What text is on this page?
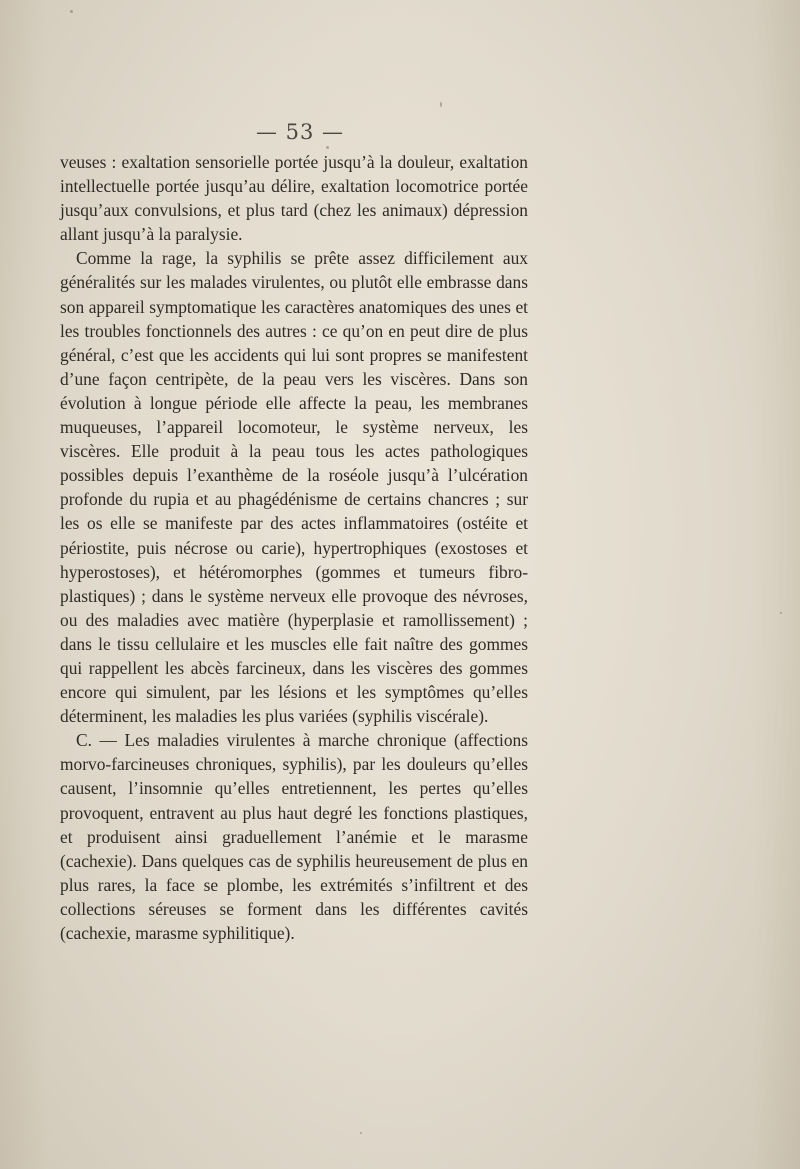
— 53 —

veuses : exaltation sensorielle portée jusqu’à la douleur, exaltation intellectuelle portée jusqu’au délire, exaltation locomotrice portée jusqu’aux convulsions, et plus tard (chez les animaux) dépression allant jusqu’à la paralysie.

Comme la rage, la syphilis se prête assez difficilement aux généralités sur les malades virulentes, ou plutôt elle embrasse dans son appareil symptomatique les caractères anatomiques des unes et les troubles fonctionnels des autres : ce qu’on en peut dire de plus général, c’est que les accidents qui lui sont propres se manifestent d’une façon centripète, de la peau vers les viscères. Dans son évolution à longue période elle affecte la peau, les membranes muqueuses, l’appareil locomoteur, le système nerveux, les viscères. Elle produit à la peau tous les actes pathologiques possibles depuis l’exanthème de la roséole jusqu’à l’ulcération profonde du rupia et au phagédénisme de certains chancres ; sur les os elle se manifeste par des actes inflammatoires (ostéite et périostite, puis nécrose ou carie), hypertrophiques (exostoses et hyperostoses), et hétéromorphes (gommes et tumeurs fibro-plastiques) ; dans le système nerveux elle provoque des névroses, ou des maladies avec matière (hyperplasie et ramollissement) ; dans le tissu cellulaire et les muscles elle fait naître des gommes qui rappellent les abcès farcineux, dans les viscères des gommes encore qui simulent, par les lésions et les symptômes qu’elles déterminent, les maladies les plus variées (syphilis viscérale).

C. — Les maladies virulentes à marche chronique (affections morvo-farcineuses chroniques, syphilis), par les douleurs qu’elles causent, l’insomnie qu’elles entretiennent, les pertes qu’elles provoquent, entravent au plus haut degré les fonctions plastiques, et produisent ainsi graduellement l’anémie et le marasme (cachexie). Dans quelques cas de syphilis heureusement de plus en plus rares, la face se plombe, les extrémités s’infiltrent et des collections séreuses se forment dans les différentes cavités (cachexie, marasme syphilitique).
